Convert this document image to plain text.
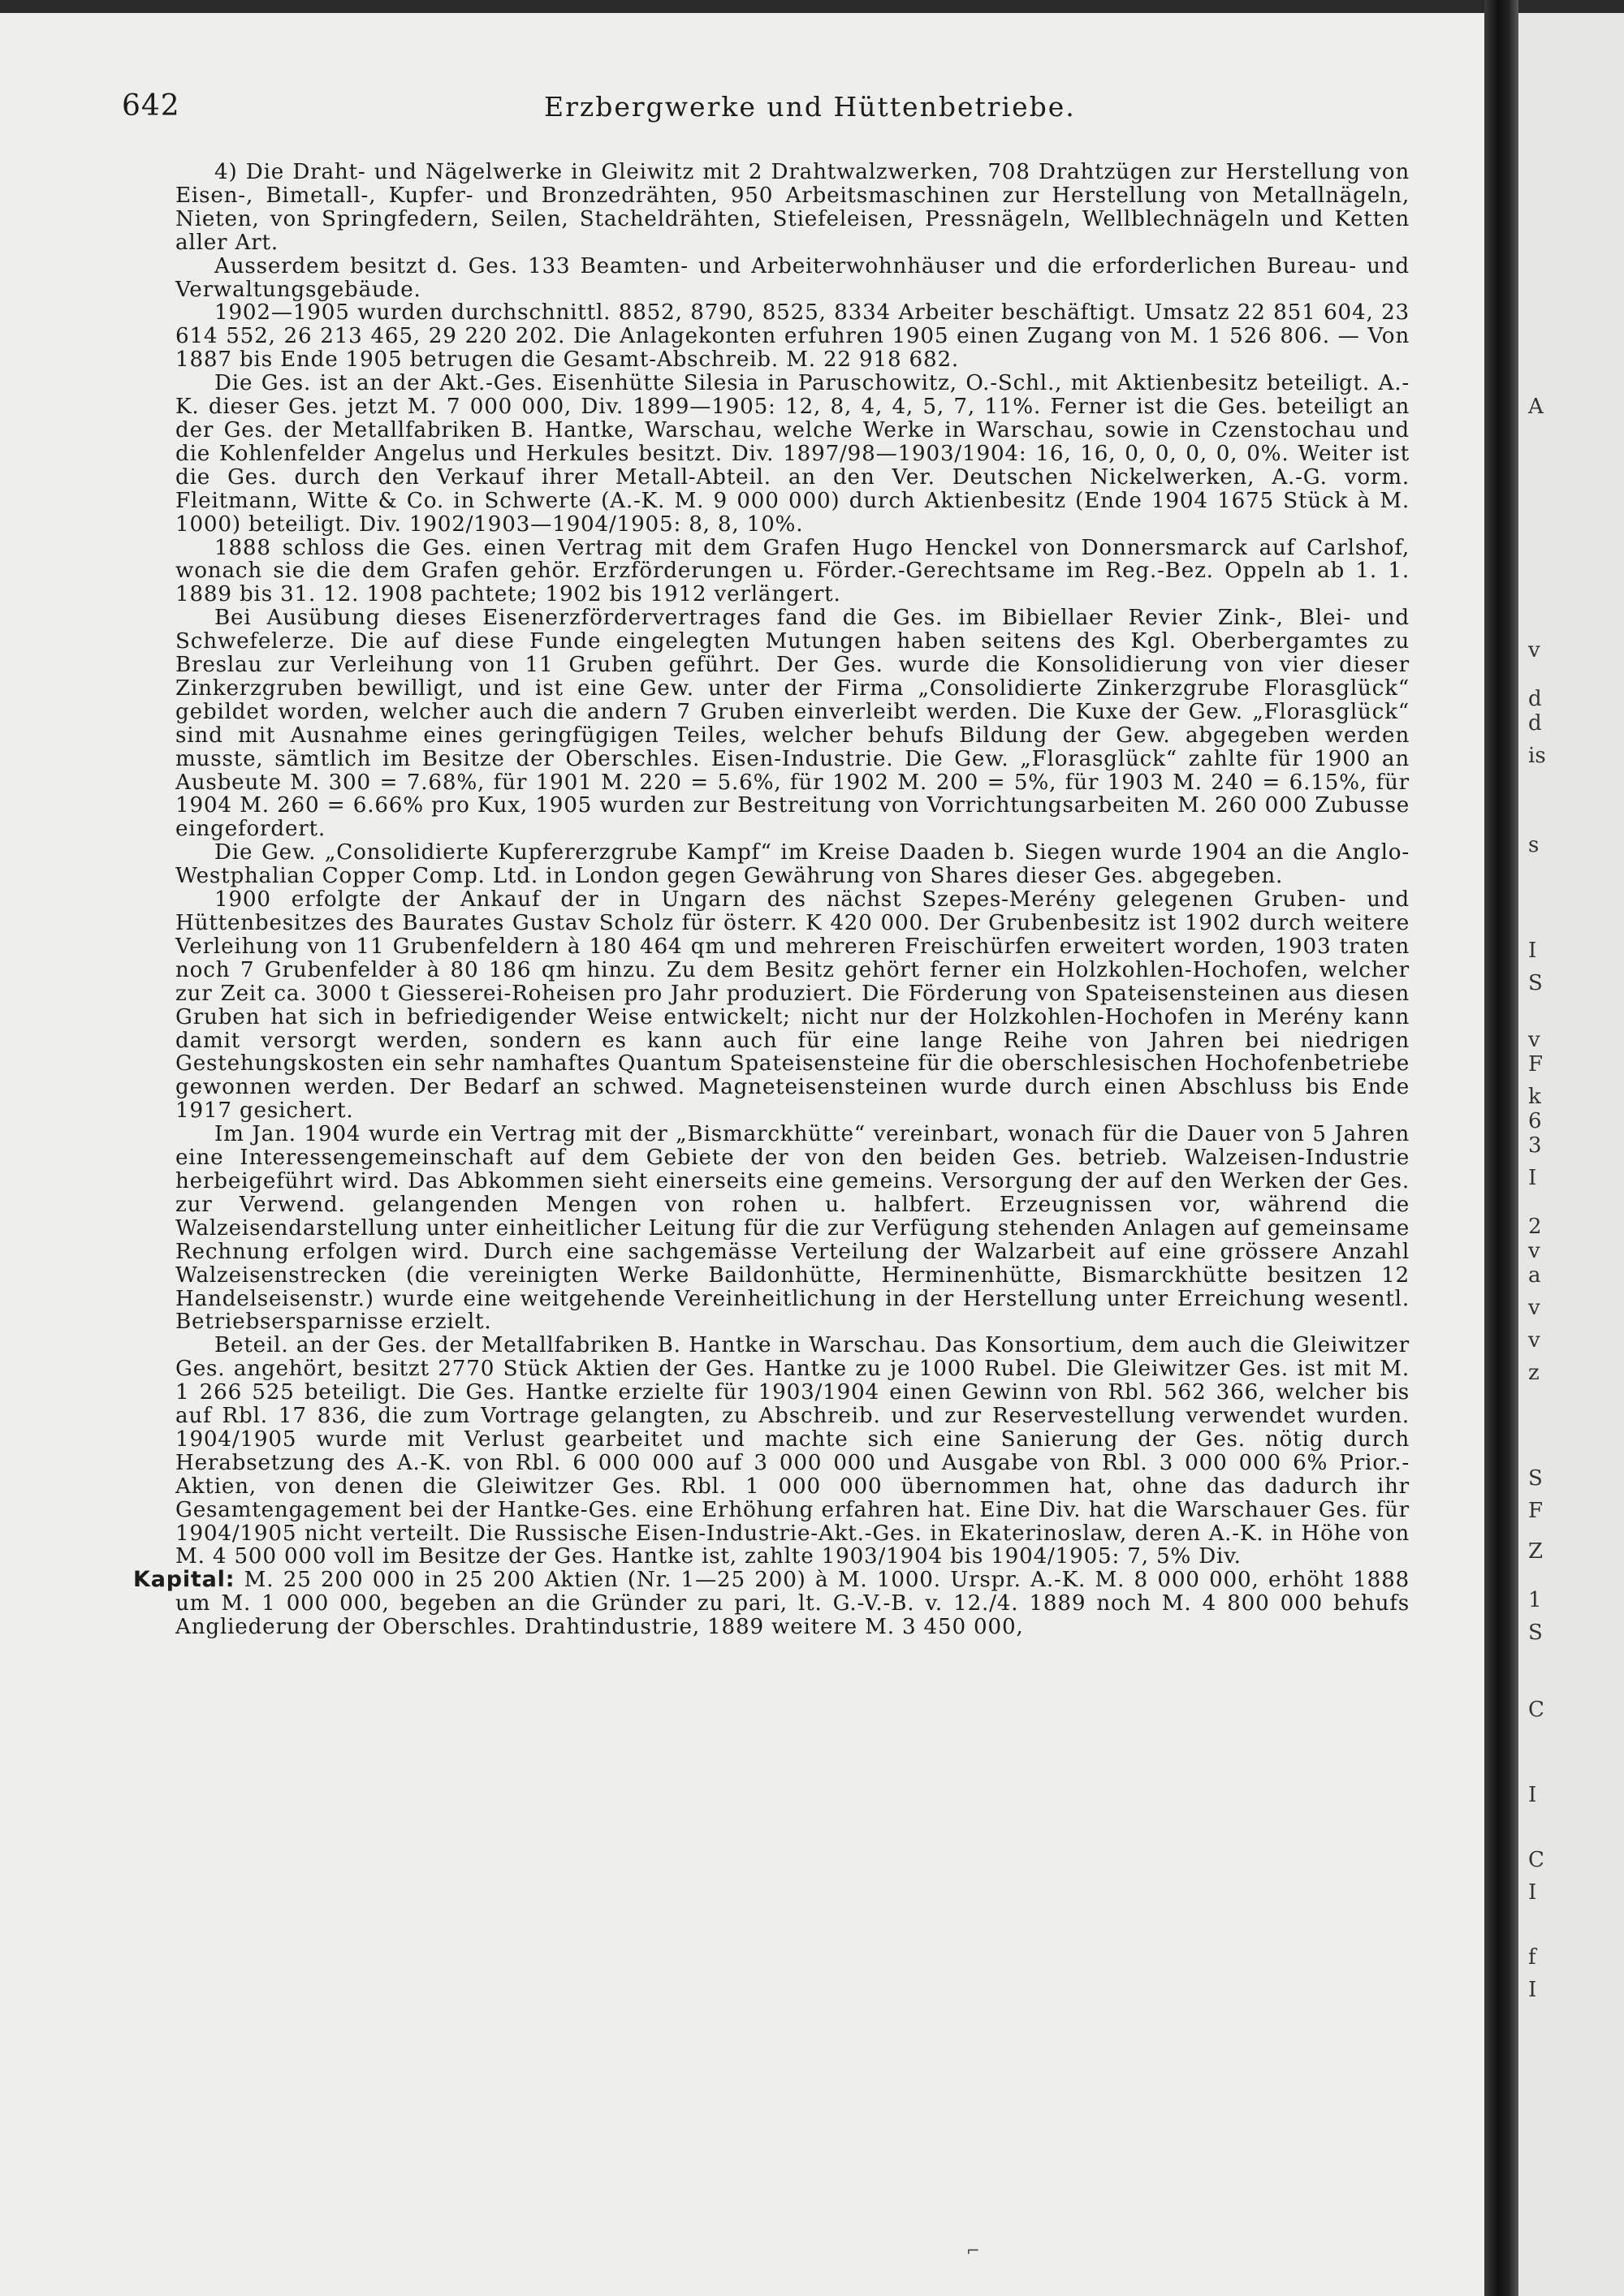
642	Erzbergwerke und Hüttenbetriebe.

4) Die Draht- und Nägelwerke in Gleiwitz mit 2 Drahtwalzwerken, 708 Drahtzügen zur Herstellung von Eisen-, Bimetall-, Kupfer- und Bronzedrähten, 950 Arbeitsmaschinen zur Herstellung von Metallnägeln, Nieten, von Springfedern, Seilen, Stacheldrähten, Stiefeleisen, Pressnägeln, Wellblechnägeln und Ketten aller Art.

Ausserdem besitzt d. Ges. 133 Beamten- und Arbeiterwohnhäuser und die erforderlichen Bureau- und Verwaltungsgebäude.

1902—1905 wurden durchschnittl. 8852, 8790, 8525, 8334 Arbeiter beschäftigt. Umsatz 22 851 604, 23 614 552, 26 213 465, 29 220 202. Die Anlagekonten erfuhren 1905 einen Zugang von M. 1 526 806. — Von 1887 bis Ende 1905 betrugen die Gesamt-Abschreib. M. 22 918 682.

Die Ges. ist an der Akt.-Ges. Eisenhütte Silesia in Paruschowitz, O.-Schl., mit Aktienbesitz beteiligt. A.-K. dieser Ges. jetzt M. 7 000 000, Div. 1899—1905: 12, 8, 4, 4, 5, 7, 11%. Ferner ist die Ges. beteiligt an der Ges. der Metallfabriken B. Hantke, Warschau, welche Werke in Warschau, sowie in Czenstochau und die Kohlenfelder Angelus und Herkules besitzt. Div. 1897/98—1903/1904: 16, 16, 0, 0, 0, 0, 0%. Weiter ist die Ges. durch den Verkauf ihrer Metall-Abteil. an den Ver. Deutschen Nickelwerken, A.-G. vorm. Fleitmann, Witte & Co. in Schwerte (A.-K. M. 9 000 000) durch Aktienbesitz (Ende 1904 1675 Stück à M. 1000) beteiligt. Div. 1902/1903—1904/1905: 8, 8, 10%.

1888 schloss die Ges. einen Vertrag mit dem Grafen Hugo Henckel von Donnersmarck auf Carlshof, wonach sie die dem Grafen gehör. Erzförderungen u. Förder.-Gerechtsame im Reg.-Bez. Oppeln ab 1. 1. 1889 bis 31. 12. 1908 pachtete; 1902 bis 1912 verlängert.

Bei Ausübung dieses Eisenerzfördervertrages fand die Ges. im Bibiellaer Revier Zink-, Blei- und Schwefelerze. Die auf diese Funde eingelegten Mutungen haben seitens des Kgl. Oberbergamtes zu Breslau zur Verleihung von 11 Gruben geführt. Der Ges. wurde die Konsolidierung von vier dieser Zinkerzgruben bewilligt, und ist eine Gew. unter der Firma „Consolidierte Zinkerzgrube Florasglück“ gebildet worden, welcher auch die andern 7 Gruben einverleibt werden. Die Kuxe der Gew. „Florasglück“ sind mit Ausnahme eines geringfügigen Teiles, welcher behufs Bildung der Gew. abgegeben werden musste, sämtlich im Besitze der Oberschles. Eisen-Industrie. Die Gew. „Florasglück“ zahlte für 1900 an Ausbeute M. 300 = 7.68%, für 1901 M. 220 = 5.6%, für 1902 M. 200 = 5%, für 1903 M. 240 = 6.15%, für 1904 M. 260 = 6.66% pro Kux, 1905 wurden zur Bestreitung von Vorrichtungsarbeiten M. 260 000 Zubusse eingefordert.

Die Gew. „Consolidierte Kupfererzgrube Kampf“ im Kreise Daaden b. Siegen wurde 1904 an die Anglo-Westphalian Copper Comp. Ltd. in London gegen Gewährung von Shares dieser Ges. abgegeben.

1900 erfolgte der Ankauf der in Ungarn des nächst Szepes-Merény gelegenen Gruben- und Hüttenbesitzes des Baurates Gustav Scholz für österr. K 420 000. Der Grubenbesitz ist 1902 durch weitere Verleihung von 11 Grubenfeldern à 180 464 qm und mehreren Freischürfen erweitert worden, 1903 traten noch 7 Grubenfelder à 80 186 qm hinzu. Zu dem Besitz gehört ferner ein Holzkohlen-Hochofen, welcher zur Zeit ca. 3000 t Giesserei-Roheisen pro Jahr produziert. Die Förderung von Spateisensteinen aus diesen Gruben hat sich in befriedigender Weise entwickelt; nicht nur der Holzkohlen-Hochofen in Merény kann damit versorgt werden, sondern es kann auch für eine lange Reihe von Jahren bei niedrigen Gestehungskosten ein sehr namhaftes Quantum Spateisensteine für die oberschlesischen Hochofenbetriebe gewonnen werden. Der Bedarf an schwed. Magneteisensteinen wurde durch einen Abschluss bis Ende 1917 gesichert.

Im Jan. 1904 wurde ein Vertrag mit der „Bismarckhütte“ vereinbart, wonach für die Dauer von 5 Jahren eine Interessengemeinschaft auf dem Gebiete der von den beiden Ges. betrieb. Walzeisen-Industrie herbeigeführt wird. Das Abkommen sieht einerseits eine gemeins. Versorgung der auf den Werken der Ges. zur Verwend. gelangenden Mengen von rohen u. halbfert. Erzeugnissen vor, während die Walzeisendarstellung unter einheitlicher Leitung für die zur Verfügung stehenden Anlagen auf gemeinsame Rechnung erfolgen wird. Durch eine sachgemässe Verteilung der Walzarbeit auf eine grössere Anzahl Walzeisenstrecken (die vereinigten Werke Baildonhütte, Herminenhütte, Bismarckhütte besitzen 12 Handelseisenstr.) wurde eine weitgehende Vereinheitlichung in der Herstellung unter Erreichung wesentl. Betriebsersparnisse erzielt.

Beteil. an der Ges. der Metallfabriken B. Hantke in Warschau. Das Konsortium, dem auch die Gleiwitzer Ges. angehört, besitzt 2770 Stück Aktien der Ges. Hantke zu je 1000 Rubel. Die Gleiwitzer Ges. ist mit M. 1 266 525 beteiligt. Die Ges. Hantke erzielte für 1903/1904 einen Gewinn von Rbl. 562 366, welcher bis auf Rbl. 17 836, die zum Vortrage gelangten, zu Abschreib. und zur Reservestellung verwendet wurden. 1904/1905 wurde mit Verlust gearbeitet und machte sich eine Sanierung der Ges. nötig durch Herabsetzung des A.-K. von Rbl. 6 000 000 auf 3 000 000 und Ausgabe von Rbl. 3 000 000 6% Prior.-Aktien, von denen die Gleiwitzer Ges. Rbl. 1 000 000 übernommen hat, ohne das dadurch ihr Gesamtengagement bei der Hantke-Ges. eine Erhöhung erfahren hat. Eine Div. hat die Warschauer Ges. für 1904/1905 nicht verteilt. Die Russische Eisen-Industrie-Akt.-Ges. in Ekaterinoslaw, deren A.-K. in Höhe von M. 4 500 000 voll im Besitze der Ges. Hantke ist, zahlte 1903/1904 bis 1904/1905: 7, 5% Div.

Kapital: M. 25 200 000 in 25 200 Aktien (Nr. 1—25 200) à M. 1000. Urspr. A.-K. M. 8 000 000, erhöht 1888 um M. 1 000 000, begeben an die Gründer zu pari, lt. G.-V.-B. v. 12./4. 1889 noch M. 4 800 000 behufs Angliederung der Oberschles. Drahtindustrie, 1889 weitere M. 3 450 000,

⌐
A
v
d
d
is
s
I
S
v
F
k
6
3
I
2
v
a
v
v
z
S
F
Z
1
S
C
I
C
I
f
I
